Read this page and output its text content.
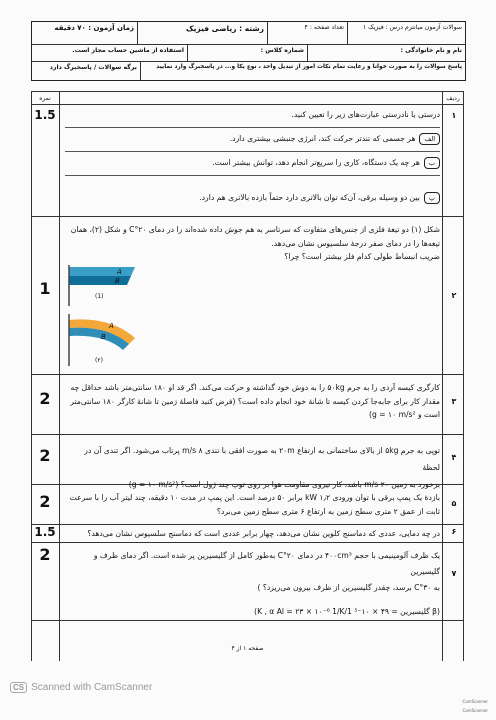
سوالات آزمون میانترم درس : فیزیک ۱
تعداد صفحه : ۴
رشته : ریاضی فیزیک
زمان آزمون : ۷۰ دقیقه
نام و نام خانوادگی :
شماره کلاس :
استفاده از ماشین حساب مجاز است.
پاسخ سوالات را به صورت خوانا و رعایت تمام نکات امور از تبدیل واحد ، نوع یکا و... در پاسخبرگ وارد نمایید
برگه سوالات / پاسخبرگ دارد
نمره	ردیف
۱
1.5	درستی یا نادرستی عبارت‌های زیر را تعیین کنید.
الفهر جسمی که تندتر حرکت کند، انرژی جنبشی بیشتری دارد.
بهر چه یک دستگاه، کاری را سریع‌تر انجام دهد، توانش بیشتر است.
پبین دو وسیله برقی، آن‌که توان بالاتری دارد حتماً بازده بالاتری هم دارد.
۲
1
شکل (۱) دو تیغهٔ فلزی از جنس‌های متفاوت که سرتاسر به هم جوش داده شده‌اند را در دمای ۲۰°C و شکل (۲)، همان
تیغه‌ها را در دمای صفر درجهٔ سلسیوس نشان می‌دهد.
ضریب انبساط طولی کدام فلز بیشتر است؟ چرا؟
A
B
(1)
A
B
(۲)
۳
2
کارگری کیسه آردی را به جرم ۵۰kg را به دوش خود گذاشته و حرکت می‌کند. اگر قد او ۱۸۰ سانتی‌متر باشد حداقل چه
مقدار کار برای جابه‌جا کردن کیسه تا شانهٔ خود انجام داده است؟ (فرض کنید فاصلهٔ زمین تا شانهٔ کارگر ۱۸۰ سانتی‌متر
است و g = ۱۰ m/s²)
۴
2	توپی به جرم ۵kg از بالای ساختمانی به ارتفاع ۲۰m به صورت افقی با تندی ۸ m/s پرتاب می‌شود. اگر تندی آن در لحظهٔ
برخورد به زمین ۲۰ m/s باشد، کار نیروی مقاومت هوا بر روی توپ چند ژول است؟ (g = ۱۰ m/s²)
۵
2	بازدهٔ یک پمپ برقی با توان ورودی ۱٫۲ kW برابر ۵۰ درصد است. این پمپ در مدت ۱۰ دقیقه، چند لیتر آب را با سرعت
ثابت از عمق ۲ متری سطح زمین به ارتفاع ۶ متری سطح زمین می‌برد؟
۶
1.5	در چه دمایی، عددی که دماسنج کلوین نشان می‌دهد، چهار برابر عددی است که دماسنج سلسیوس نشان می‌دهد؟
۷
2	یک ظرف آلومینیمی با حجم ۴۰۰cm³ در دمای ۲۰°C به‌طور کامل از گلیسیرین پر شده است. اگر دمای ظرف و گلیسیرین
به ۳۰°C برسد، چقدر گلیسیرین از ظرف بیرون می‌ریزد؟ )
(β گلیسیرین = ۴۹ × ۱۰⁻⁵ 1/K , α Al = ۲۳ × ۱۰⁻⁶ 1/K)
صفحه ۱ از ۴
CS Scanned with CamScanner
CamScanner
CamScanner
